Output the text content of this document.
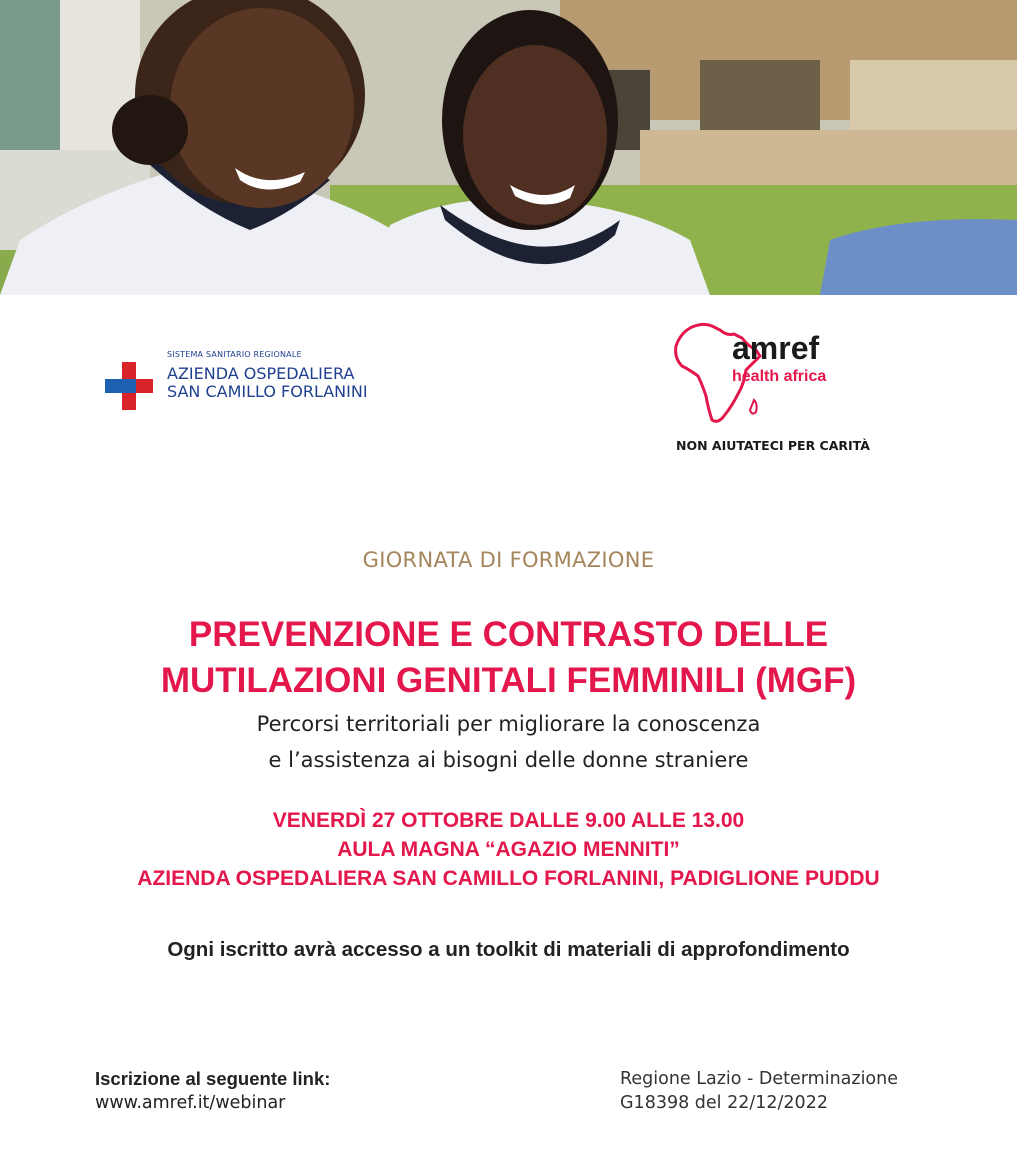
SISTEMA SANITARIO REGIONALE
AZIENDA OSPEDALIERA
SAN CAMILLO FORLANINI
amref
health africa
NON AIUTATECI PER CARITÀ
GIORNATA DI FORMAZIONE
PREVENZIONE E CONTRASTO DELLE
MUTILAZIONI GENITALI FEMMINILI (MGF)
Percorsi territoriali per migliorare la conoscenza
e l’assistenza ai bisogni delle donne straniere
VENERDÌ 27 OTTOBRE DALLE 9.00 ALLE 13.00
AULA MAGNA “AGAZIO MENNITI”
AZIENDA OSPEDALIERA SAN CAMILLO FORLANINI, PADIGLIONE PUDDU
Ogni iscritto avrà accesso a un toolkit di materiali di approfondimento
Iscrizione al seguente link:
www.amref.it/webinar
Regione Lazio - Determinazione
G18398 del 22/12/2022
